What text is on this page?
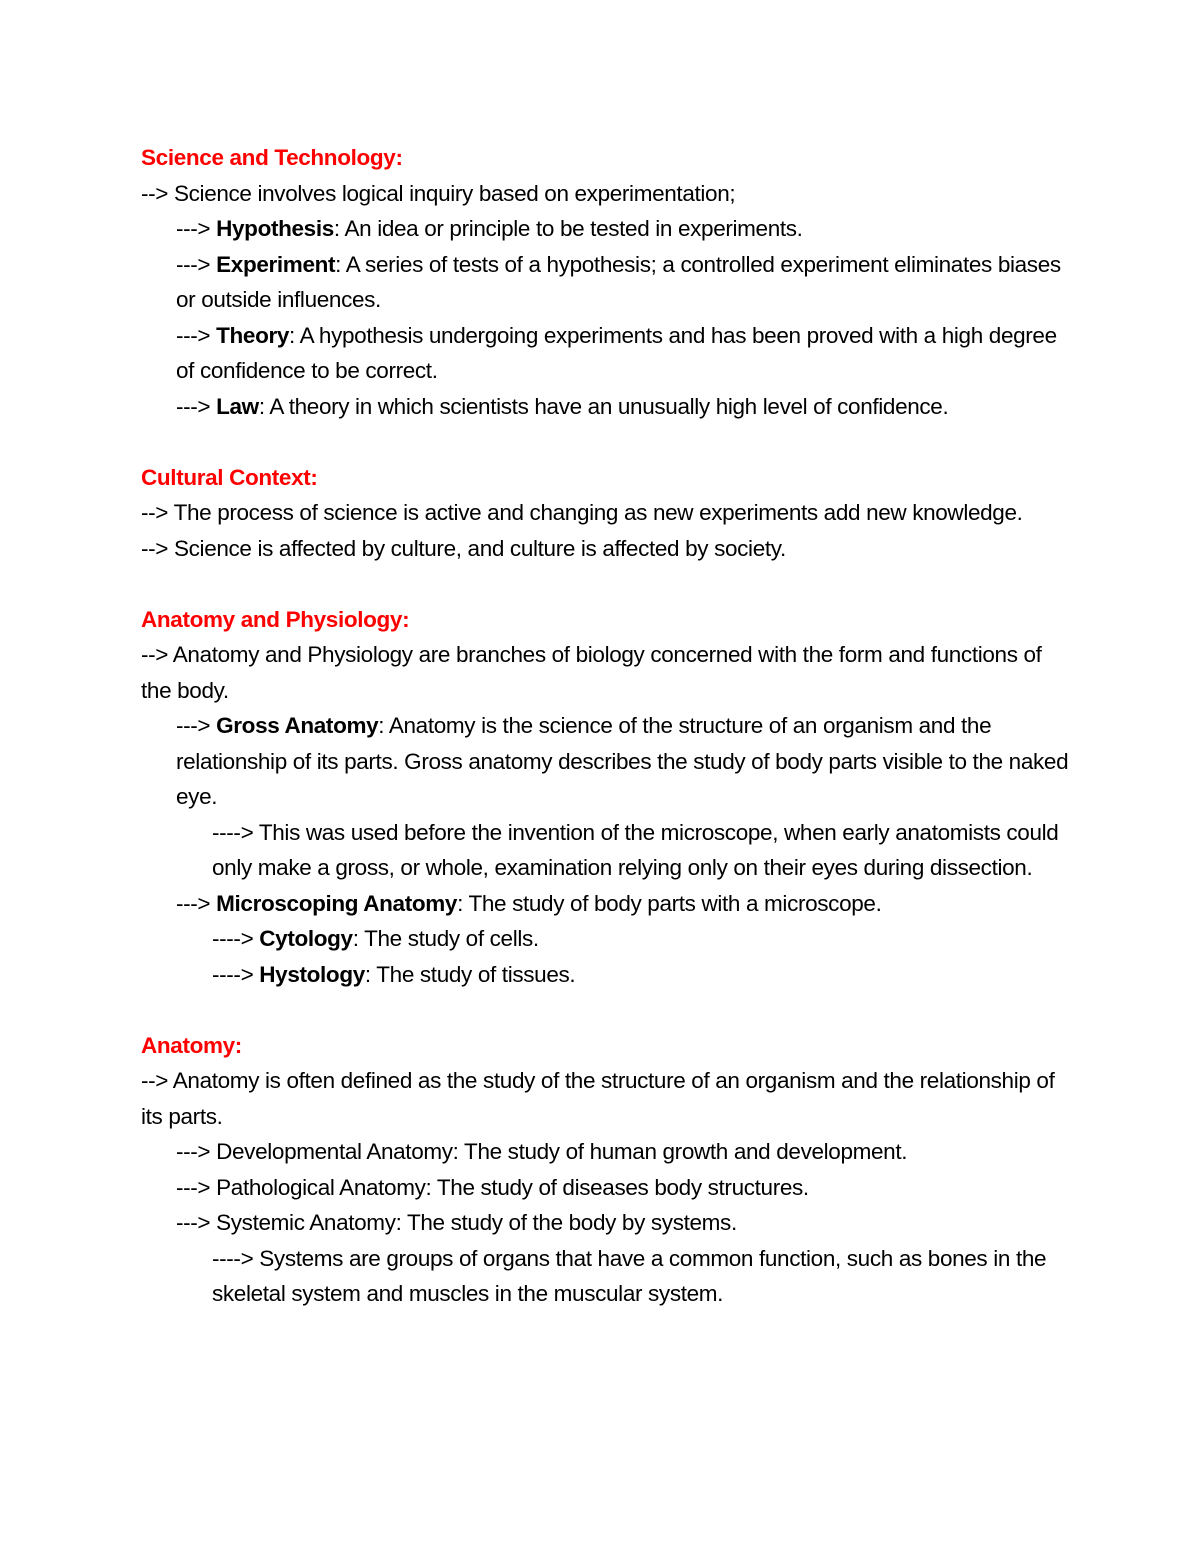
Science and Technology:

--> Science involves logical inquiry based on experimentation;

---> Hypothesis: An idea or principle to be tested in experiments.

---> Experiment: A series of tests of a hypothesis; a controlled experiment eliminates biases or outside influences.

---> Theory: A hypothesis undergoing experiments and has been proved with a high degree of confidence to be correct.

---> Law: A theory in which scientists have an unusually high level of confidence.

Cultural Context:

--> The process of science is active and changing as new experiments add new knowledge.

--> Science is affected by culture, and culture is affected by society.

Anatomy and Physiology:

--> Anatomy and Physiology are branches of biology concerned with the form and functions of the body.

---> Gross Anatomy: Anatomy is the science of the structure of an organism and the relationship of its parts. Gross anatomy describes the study of body parts visible to the naked eye.

----> This was used before the invention of the microscope, when early anatomists could only make a gross, or whole, examination relying only on their eyes during dissection.

---> Microscoping Anatomy: The study of body parts with a microscope.

----> Cytology: The study of cells.

----> Hystology: The study of tissues.

Anatomy:

--> Anatomy is often defined as the study of the structure of an organism and the relationship of its parts.

---> Developmental Anatomy: The study of human growth and development.

---> Pathological Anatomy: The study of diseases body structures.

---> Systemic Anatomy: The study of the body by systems.

----> Systems are groups of organs that have a common function, such as bones in the skeletal system and muscles in the muscular system.
